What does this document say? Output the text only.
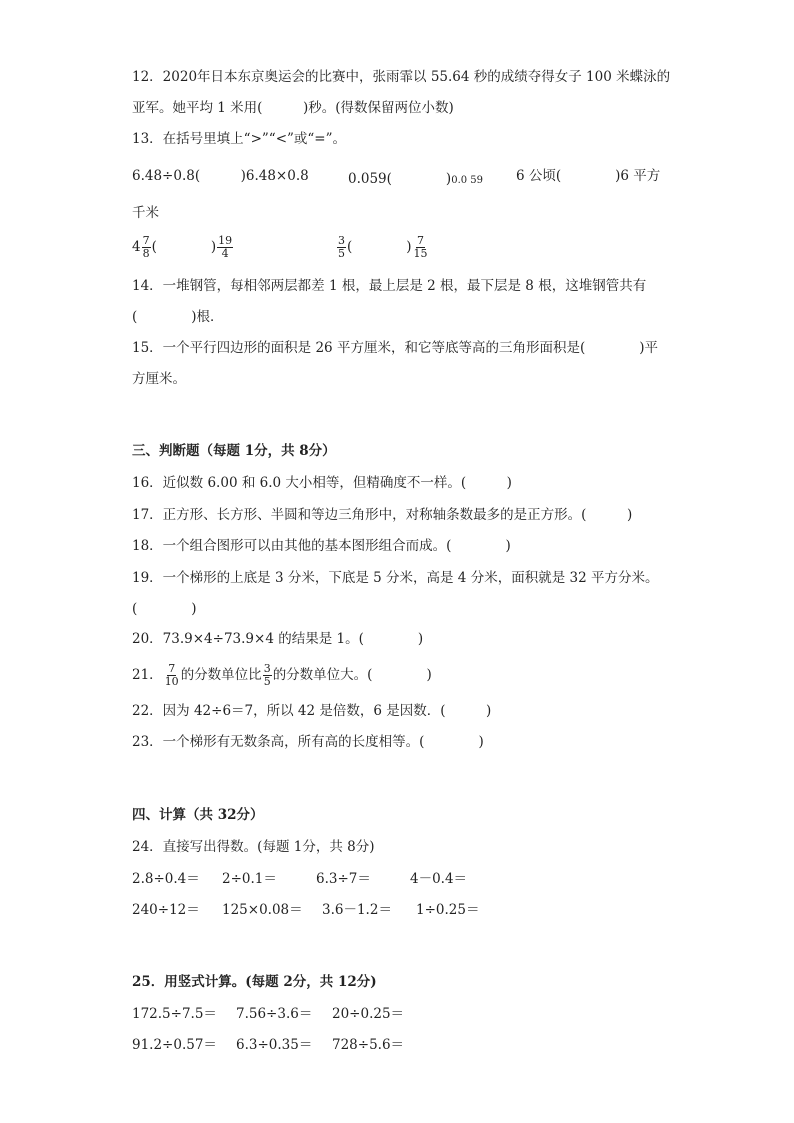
12．2020年日本东京奥运会的比赛中，张雨霏以 55.64 秒的成绩夺得女子 100 米蝶泳的
亚军。她平均 1 米用(　　　)秒。(得数保留两位小数)
13．在括号里填上“>”“<”或“=”。
6.48÷0.8(　　　)6.48×0.8	0.059(　　　　)0.0 59 6 公顷(　　　　)6 平方
千米
$4 \frac{7}{8}$ (　　　　) $\frac{19}{4}$	$\frac{3}{5}$ (　　　　) $\frac{7}{15}$
14．一堆钢管，每相邻两层都差 1 根，最上层是 2 根，最下层是 8 根，这堆钢管共有
(　　　　)根．
15．一个平行四边形的面积是 26 平方厘米，和它等底等高的三角形面积是(　　　　)平
方厘米。
三、判断题（每题 1分，共 8分）
16．近似数 6.00 和 6.0 大小相等，但精确度不一样。(　　　)
17．正方形、长方形、半圆和等边三角形中，对称轴条数最多的是正方形。(　　　)
18．一个组合图形可以由其他的基本图形组合而成。(　　　　)
19．一个梯形的上底是 3 分米，下底是 5 分米，高是 4 分米，面积就是 32 平方分米。
(　　　　)
20．73.9×4÷73.9×4 的结果是 1。(　　　　)
21． $\frac{7}{10}$ 的分数单位比 $\frac{3}{5}$ 的分数单位大。(　　　　)
22．因为 42÷6＝7，所以 42 是倍数，6 是因数．(　　　)
23．一个梯形有无数条高，所有高的长度相等。(　　　　)
四、计算（共 32分）
24．直接写出得数。(每题 1分，共 8分)
2.8÷0.4＝ 2÷0.1＝	6.3÷7＝	4－0.4＝
240÷12＝ 125×0.08＝ 3.6－1.2＝ 1÷0.25＝
25．用竖式计算。(每题 2分，共 12分)
172.5÷7.5＝ 7.56÷3.6＝ 20÷0.25＝
91.2÷0.57＝ 6.3÷0.35＝ 728÷5.6＝
